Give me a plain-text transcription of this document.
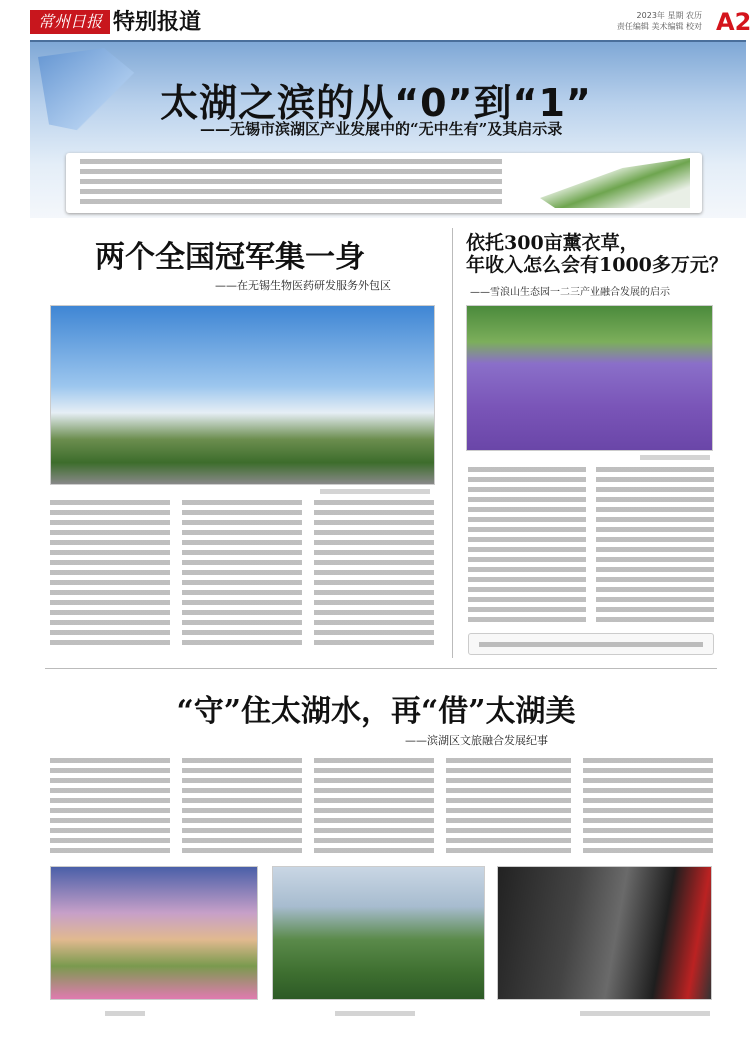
常州日报 特别报道	2023年 星期 农历
责任编辑 美术编辑 校对 A2
太湖之滨的从“0”到“1”
——无锡市滨湖区产业发展中的“无中生有”及其启示录
两个全国冠军集一身
——在无锡生物医药研发服务外包区
依托300亩薰衣草，
年收入怎么会有1000多万元？
——雪浪山生态园一二三产业融合发展的启示
“守”住太湖水，再“借”太湖美
——滨湖区文旅融合发展纪事
